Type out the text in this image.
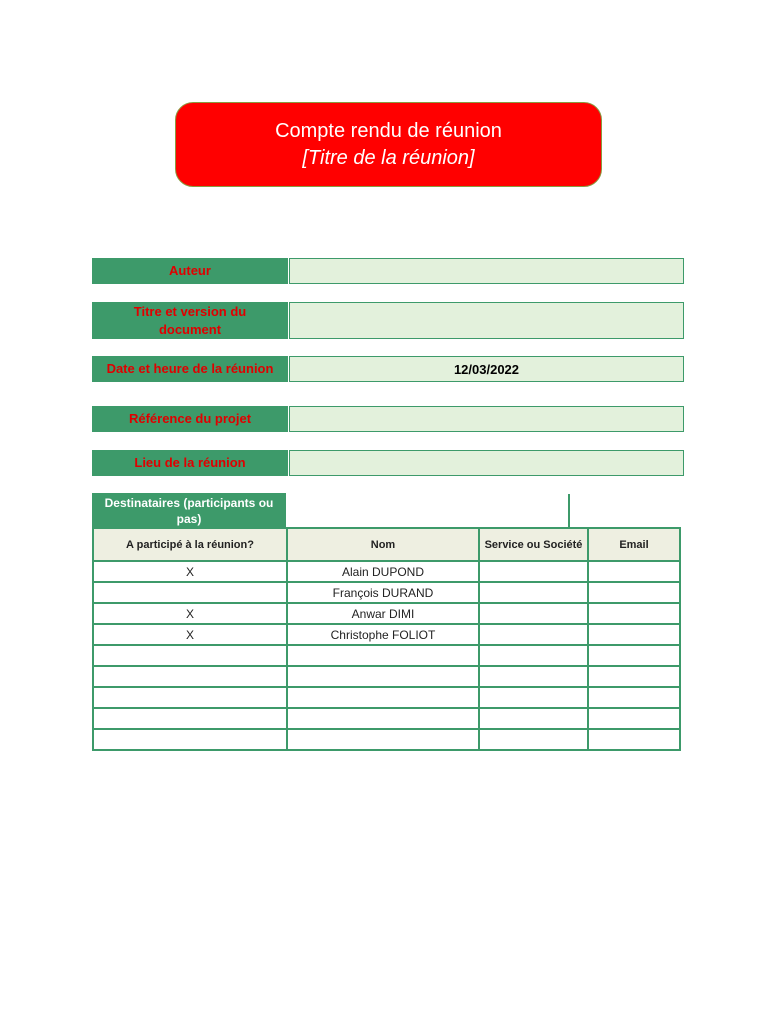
Compte rendu de réunion
[Titre de la réunion]
Auteur
Titre et version du document
Date et heure de la réunion	12/03/2022
Référence du projet
Lieu de la réunion
Destinataires (participants ou pas)
A participé à la réunion?	Nom	Service ou Société	Email
X	Alain DUPOND		
	François DURAND		
X	Anwar DIMI		
X	Christophe FOLIOT		
